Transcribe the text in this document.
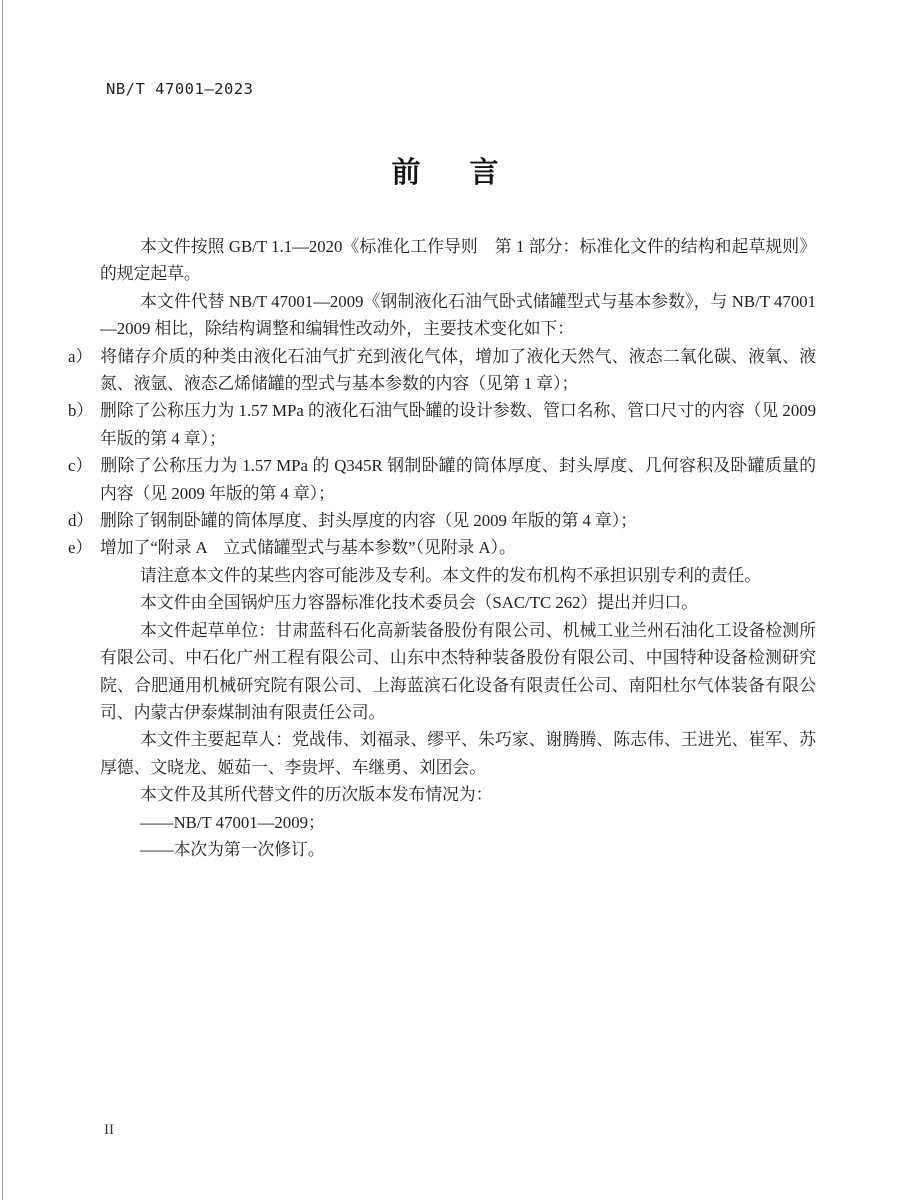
NB/T 47001—2023
前　言

本文件按照 GB/T 1.1—2020《标准化工作导则　第 1 部分：标准化文件的结构和起草规则》的规定起草。

本文件代替 NB/T 47001—2009《钢制液化石油气卧式储罐型式与基本参数》，与 NB/T 47001—2009 相比，除结构调整和编辑性改动外，主要技术变化如下：

a） 将储存介质的种类由液化石油气扩充到液化气体，增加了液化天然气、液态二氧化碳、液氧、液氮、液氩、液态乙烯储罐的型式与基本参数的内容（见第 1 章）；

b） 删除了公称压力为 1.57 MPa 的液化石油气卧罐的设计参数、管口名称、管口尺寸的内容（见 2009 年版的第 4 章）；

c） 删除了公称压力为 1.57 MPa 的 Q345R 钢制卧罐的筒体厚度、封头厚度、几何容积及卧罐质量的内容（见 2009 年版的第 4 章）；

d） 删除了钢制卧罐的筒体厚度、封头厚度的内容（见 2009 年版的第 4 章）；

e） 增加了“附录 A　立式储罐型式与基本参数”（见附录 A）。

请注意本文件的某些内容可能涉及专利。本文件的发布机构不承担识别专利的责任。

本文件由全国锅炉压力容器标准化技术委员会（SAC/TC 262）提出并归口。

本文件起草单位：甘肃蓝科石化高新装备股份有限公司、机械工业兰州石油化工设备检测所有限公司、中石化广州工程有限公司、山东中杰特种装备股份有限公司、中国特种设备检测研究院、合肥通用机械研究院有限公司、上海蓝滨石化设备有限责任公司、南阳杜尔气体装备有限公司、内蒙古伊泰煤制油有限责任公司。

本文件主要起草人：党战伟、刘福录、缪平、朱巧家、谢腾腾、陈志伟、王进光、崔军、苏厚德、文晓龙、姬茹一、李贵坪、车继勇、刘团会。

本文件及其所代替文件的历次版本发布情况为：

——NB/T 47001—2009；

——本次为第一次修订。

II
